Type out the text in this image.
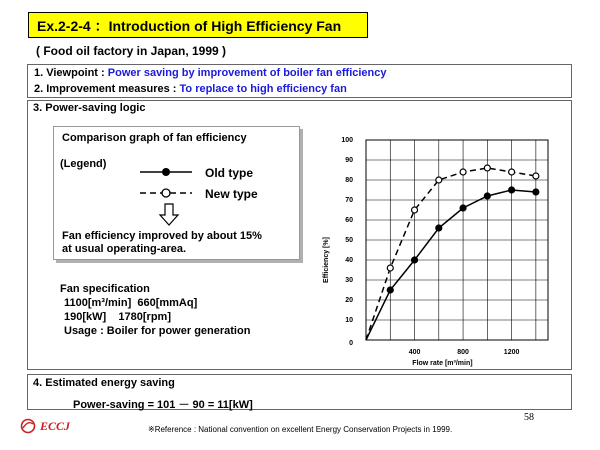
Ex.2-2-4 ：Introduction of High Efficiency Fan
( Food oil factory in Japan, 1999 )
1. Viewpoint : Power saving by improvement of boiler fan efficiency
2. Improvement measures : To replace to high efficiency fan
3. Power-saving logic
Comparison graph of fan efficiency
(Legend)
Old type
New type
Fan efficiency improved by about 15%
at usual operating-area.
Fan specification
1100[m³/min]  660[mmAq]
190[kW]    1780[rpm]
Usage : Boiler for power generation
10
20
30
40
50
60
70
80
90
100
400	800	1200
0
Flow rate [m³/min]
Efficiency [%]
4. Estimated energy saving
Power-saving = 101 － 90 = 11[kW]
ECCJ	※Reference : National convention on excellent Energy Conservation Projects in 1999.
58
